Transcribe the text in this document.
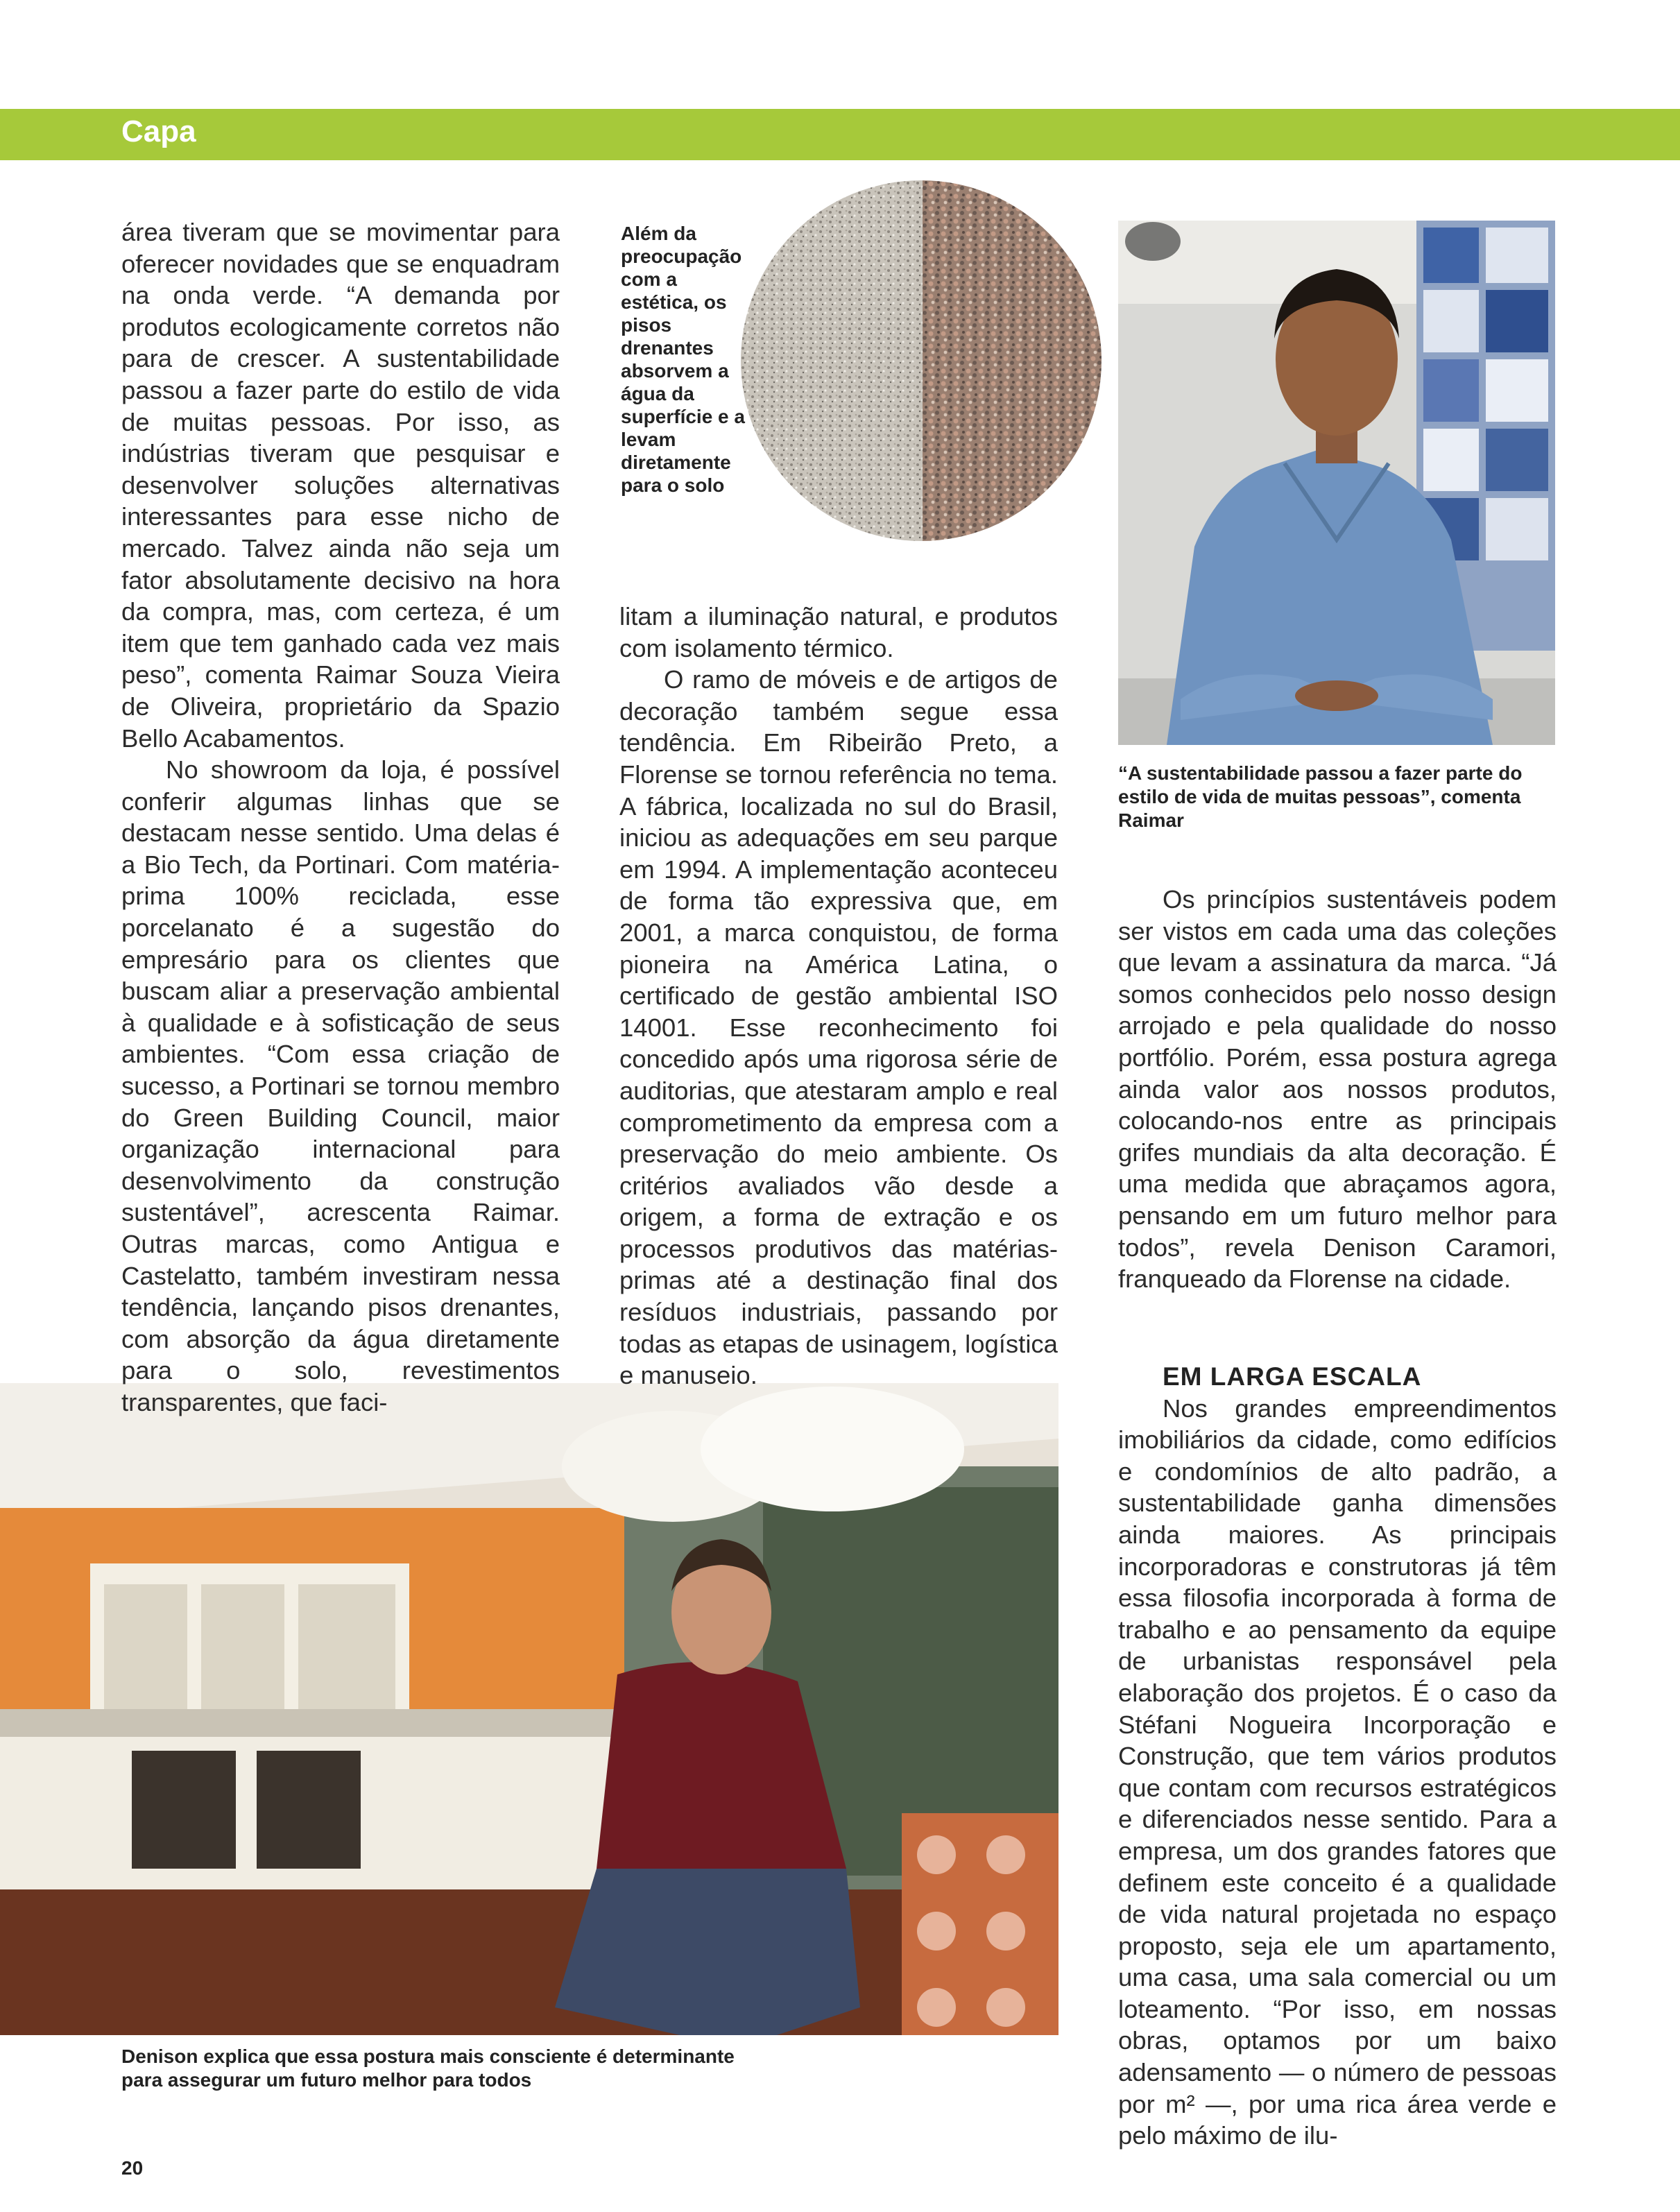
Capa
Além da preocupação com a estética, os pisos drenantes absorvem a água da superfície e a levam diretamente para o solo
“A sustentabilidade passou a fazer parte do estilo de vida de muitas pessoas”, comenta Raimar
Denison explica que essa postura mais consciente é determinante para assegurar um futuro melhor para todos

área tiveram que se movimentar para oferecer novidades que se enquadram na onda verde. “A demanda por produtos ecologicamente corretos não para de crescer. A sustentabilidade passou a fazer parte do estilo de vida de muitas pessoas. Por isso, as indústrias tiveram que pesquisar e desenvolver soluções alternativas interessantes para esse nicho de mercado. Talvez ainda não seja um fator absolutamente decisivo na hora da compra, mas, com certeza, é um item que tem ganhado cada vez mais peso”, comenta Raimar Souza Vieira de Oliveira, proprietário da Spazio Bello Acabamentos.

No showroom da loja, é possível conferir algumas linhas que se destacam nesse sentido. Uma delas é a Bio Tech, da Portinari. Com matéria-prima 100% reciclada, esse porcelanato é a sugestão do empresário para os clientes que buscam aliar a preservação ambiental à qualidade e à sofisticação de seus ambientes. “Com essa criação de sucesso, a Portinari se tornou membro do Green Building Council, maior organização internacional para desenvolvimento da construção sustentável”, acrescenta Raimar. Outras marcas, como Antigua e Castelatto, também investiram nessa tendência, lançando pisos drenantes, com absorção da água diretamente para o solo, revestimentos transparentes, que faci-

litam a iluminação natural, e produtos com isolamento térmico.

O ramo de móveis e de artigos de decoração também segue essa tendência. Em Ribeirão Preto, a Florense se tornou referência no tema. A fábrica, localizada no sul do Brasil, iniciou as adequações em seu parque em 1994. A implementação aconteceu de forma tão expressiva que, em 2001, a marca conquistou, de forma pioneira na América Latina, o certificado de gestão ambiental ISO 14001. Esse reconhecimento foi concedido após uma rigorosa série de auditorias, que atestaram amplo e real comprometimento da empresa com a preservação do meio ambiente. Os critérios avaliados vão desde a origem, a forma de extração e os processos produtivos das matérias-primas até a destinação final dos resíduos industriais, passando por todas as etapas de usinagem, logística e manuseio.

Os princípios sustentáveis podem ser vistos em cada uma das coleções que levam a assinatura da marca. “Já somos conhecidos pelo nosso design arrojado e pela qualidade do nosso portfólio. Porém, essa postura agrega ainda valor aos nossos produtos, colocando-nos entre as principais grifes mundiais da alta decoração. É uma medida que abraçamos agora, pensando em um futuro melhor para todos”, revela Denison Caramori, franqueado da Florense na cidade.

EM LARGA ESCALA

Nos grandes empreendimentos imobiliários da cidade, como edifícios e condomínios de alto padrão, a sustentabilidade ganha dimensões ainda maiores. As principais incorporadoras e construtoras já têm essa filosofia incorporada à forma de trabalho e ao pensamento da equipe de urbanistas responsável pela elaboração dos projetos. É o caso da Stéfani Nogueira Incorporação e Construção, que tem vários produtos que contam com recursos estratégicos e diferenciados nesse sentido. Para a empresa, um dos grandes fatores que definem este conceito é a qualidade de vida natural projetada no espaço proposto, seja ele um apartamento, uma casa, uma sala comercial ou um loteamento. “Por isso, em nossas obras, optamos por um baixo adensamento — o número de pessoas por m² —, por uma rica área verde e pelo máximo de ilu-

20
